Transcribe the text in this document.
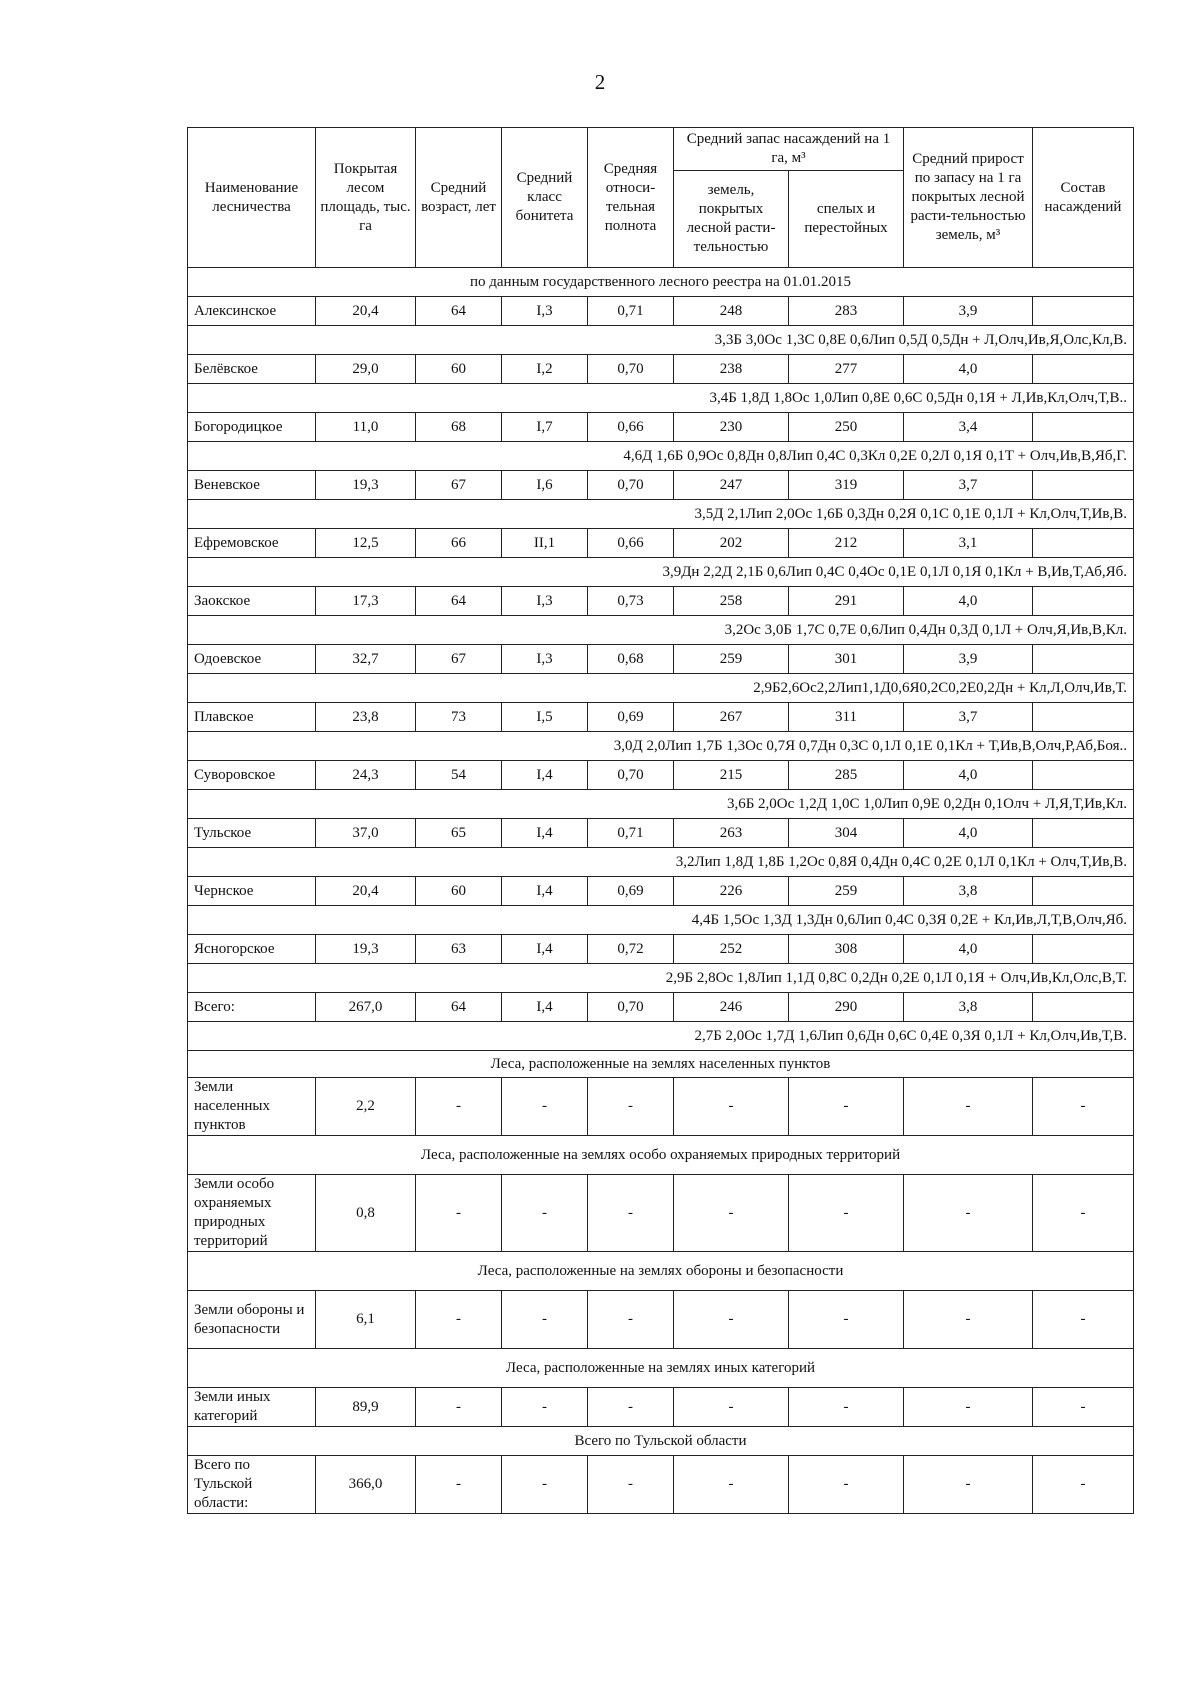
2
Наименование лесничества	Покрытая лесом площадь, тыс. га	Средний возраст, лет	Средний класс бонитета	Средняя относи-тельная полнота	Средний запас насаждений на 1 га, м³		Средний прирост по запасу на 1 га покрытых лесной расти-тельностью земель, м³	Состав насаждений
					земель, покрытых лесной расти-тельностью	спелых и перестойных		
по данным государственного лесного реестра на 01.01.2015								
Алексинское	20,4	64	I,3	0,71	248	283	3,9	
3,3Б 3,0Ос 1,3С 0,8Е 0,6Лип 0,5Д 0,5Дн + Л,Олч,Ив,Я,Олс,Кл,В.								
Белёвское	29,0	60	I,2	0,70	238	277	4,0	
3,4Б 1,8Д 1,8Ос 1,0Лип 0,8Е 0,6С 0,5Дн 0,1Я + Л,Ив,Кл,Олч,Т,В..								
Богородицкое	11,0	68	I,7	0,66	230	250	3,4	
4,6Д 1,6Б 0,9Ос 0,8Дн 0,8Лип 0,4С 0,3Кл 0,2Е 0,2Л 0,1Я 0,1Т + Олч,Ив,В,Яб,Г.								
Веневское	19,3	67	I,6	0,70	247	319	3,7	
3,5Д 2,1Лип 2,0Ос 1,6Б 0,3Дн 0,2Я 0,1С 0,1Е 0,1Л + Кл,Олч,Т,Ив,В.								
Ефремовское	12,5	66	II,1	0,66	202	212	3,1	
3,9Дн 2,2Д 2,1Б 0,6Лип 0,4С 0,4Ос 0,1Е 0,1Л 0,1Я 0,1Кл + В,Ив,Т,Аб,Яб.								
Заокское	17,3	64	I,3	0,73	258	291	4,0	
3,2Ос 3,0Б 1,7С 0,7Е 0,6Лип 0,4Дн 0,3Д 0,1Л + Олч,Я,Ив,В,Кл.								
Одоевское	32,7	67	I,3	0,68	259	301	3,9	
2,9Б2,6Ос2,2Лип1,1Д0,6Я0,2С0,2Е0,2Дн + Кл,Л,Олч,Ив,Т.								
Плавское	23,8	73	I,5	0,69	267	311	3,7	
3,0Д 2,0Лип 1,7Б 1,3Ос 0,7Я 0,7Дн 0,3С 0,1Л 0,1Е 0,1Кл + Т,Ив,В,Олч,Р,Аб,Боя..								
Суворовское	24,3	54	I,4	0,70	215	285	4,0	
3,6Б 2,0Ос 1,2Д 1,0С 1,0Лип 0,9Е 0,2Дн 0,1Олч + Л,Я,Т,Ив,Кл.								
Тульское	37,0	65	I,4	0,71	263	304	4,0	
3,2Лип 1,8Д 1,8Б 1,2Ос 0,8Я 0,4Дн 0,4С 0,2Е 0,1Л 0,1Кл + Олч,Т,Ив,В.								
Чернское	20,4	60	I,4	0,69	226	259	3,8	
4,4Б 1,5Ос 1,3Д 1,3Дн 0,6Лип 0,4С 0,3Я 0,2Е + Кл,Ив,Л,Т,В,Олч,Яб.								
Ясногорское	19,3	63	I,4	0,72	252	308	4,0	
2,9Б 2,8Ос 1,8Лип 1,1Д 0,8С 0,2Дн 0,2Е 0,1Л 0,1Я + Олч,Ив,Кл,Олс,В,Т.								
Всего:	267,0	64	I,4	0,70	246	290	3,8	
2,7Б 2,0Ос 1,7Д 1,6Лип 0,6Дн 0,6С 0,4Е 0,3Я 0,1Л + Кл,Олч,Ив,Т,В.								
Леса, расположенные на землях населенных пунктов								
Земли населенных пунктов	2,2	-	-	-	-	-	-	-
Леса, расположенные на землях особо охраняемых природных территорий								
Земли особо охраняемых природных территорий	0,8	-	-	-	-	-	-	-
Леса, расположенные на землях обороны и безопасности								
Земли обороны и безопасности	6,1	-	-	-	-	-	-	-
Леса, расположенные на землях иных категорий								
Земли иных категорий	89,9	-	-	-	-	-	-	-
Всего по Тульской области								
Всего по Тульской области:	366,0	-	-	-	-	-	-	-
